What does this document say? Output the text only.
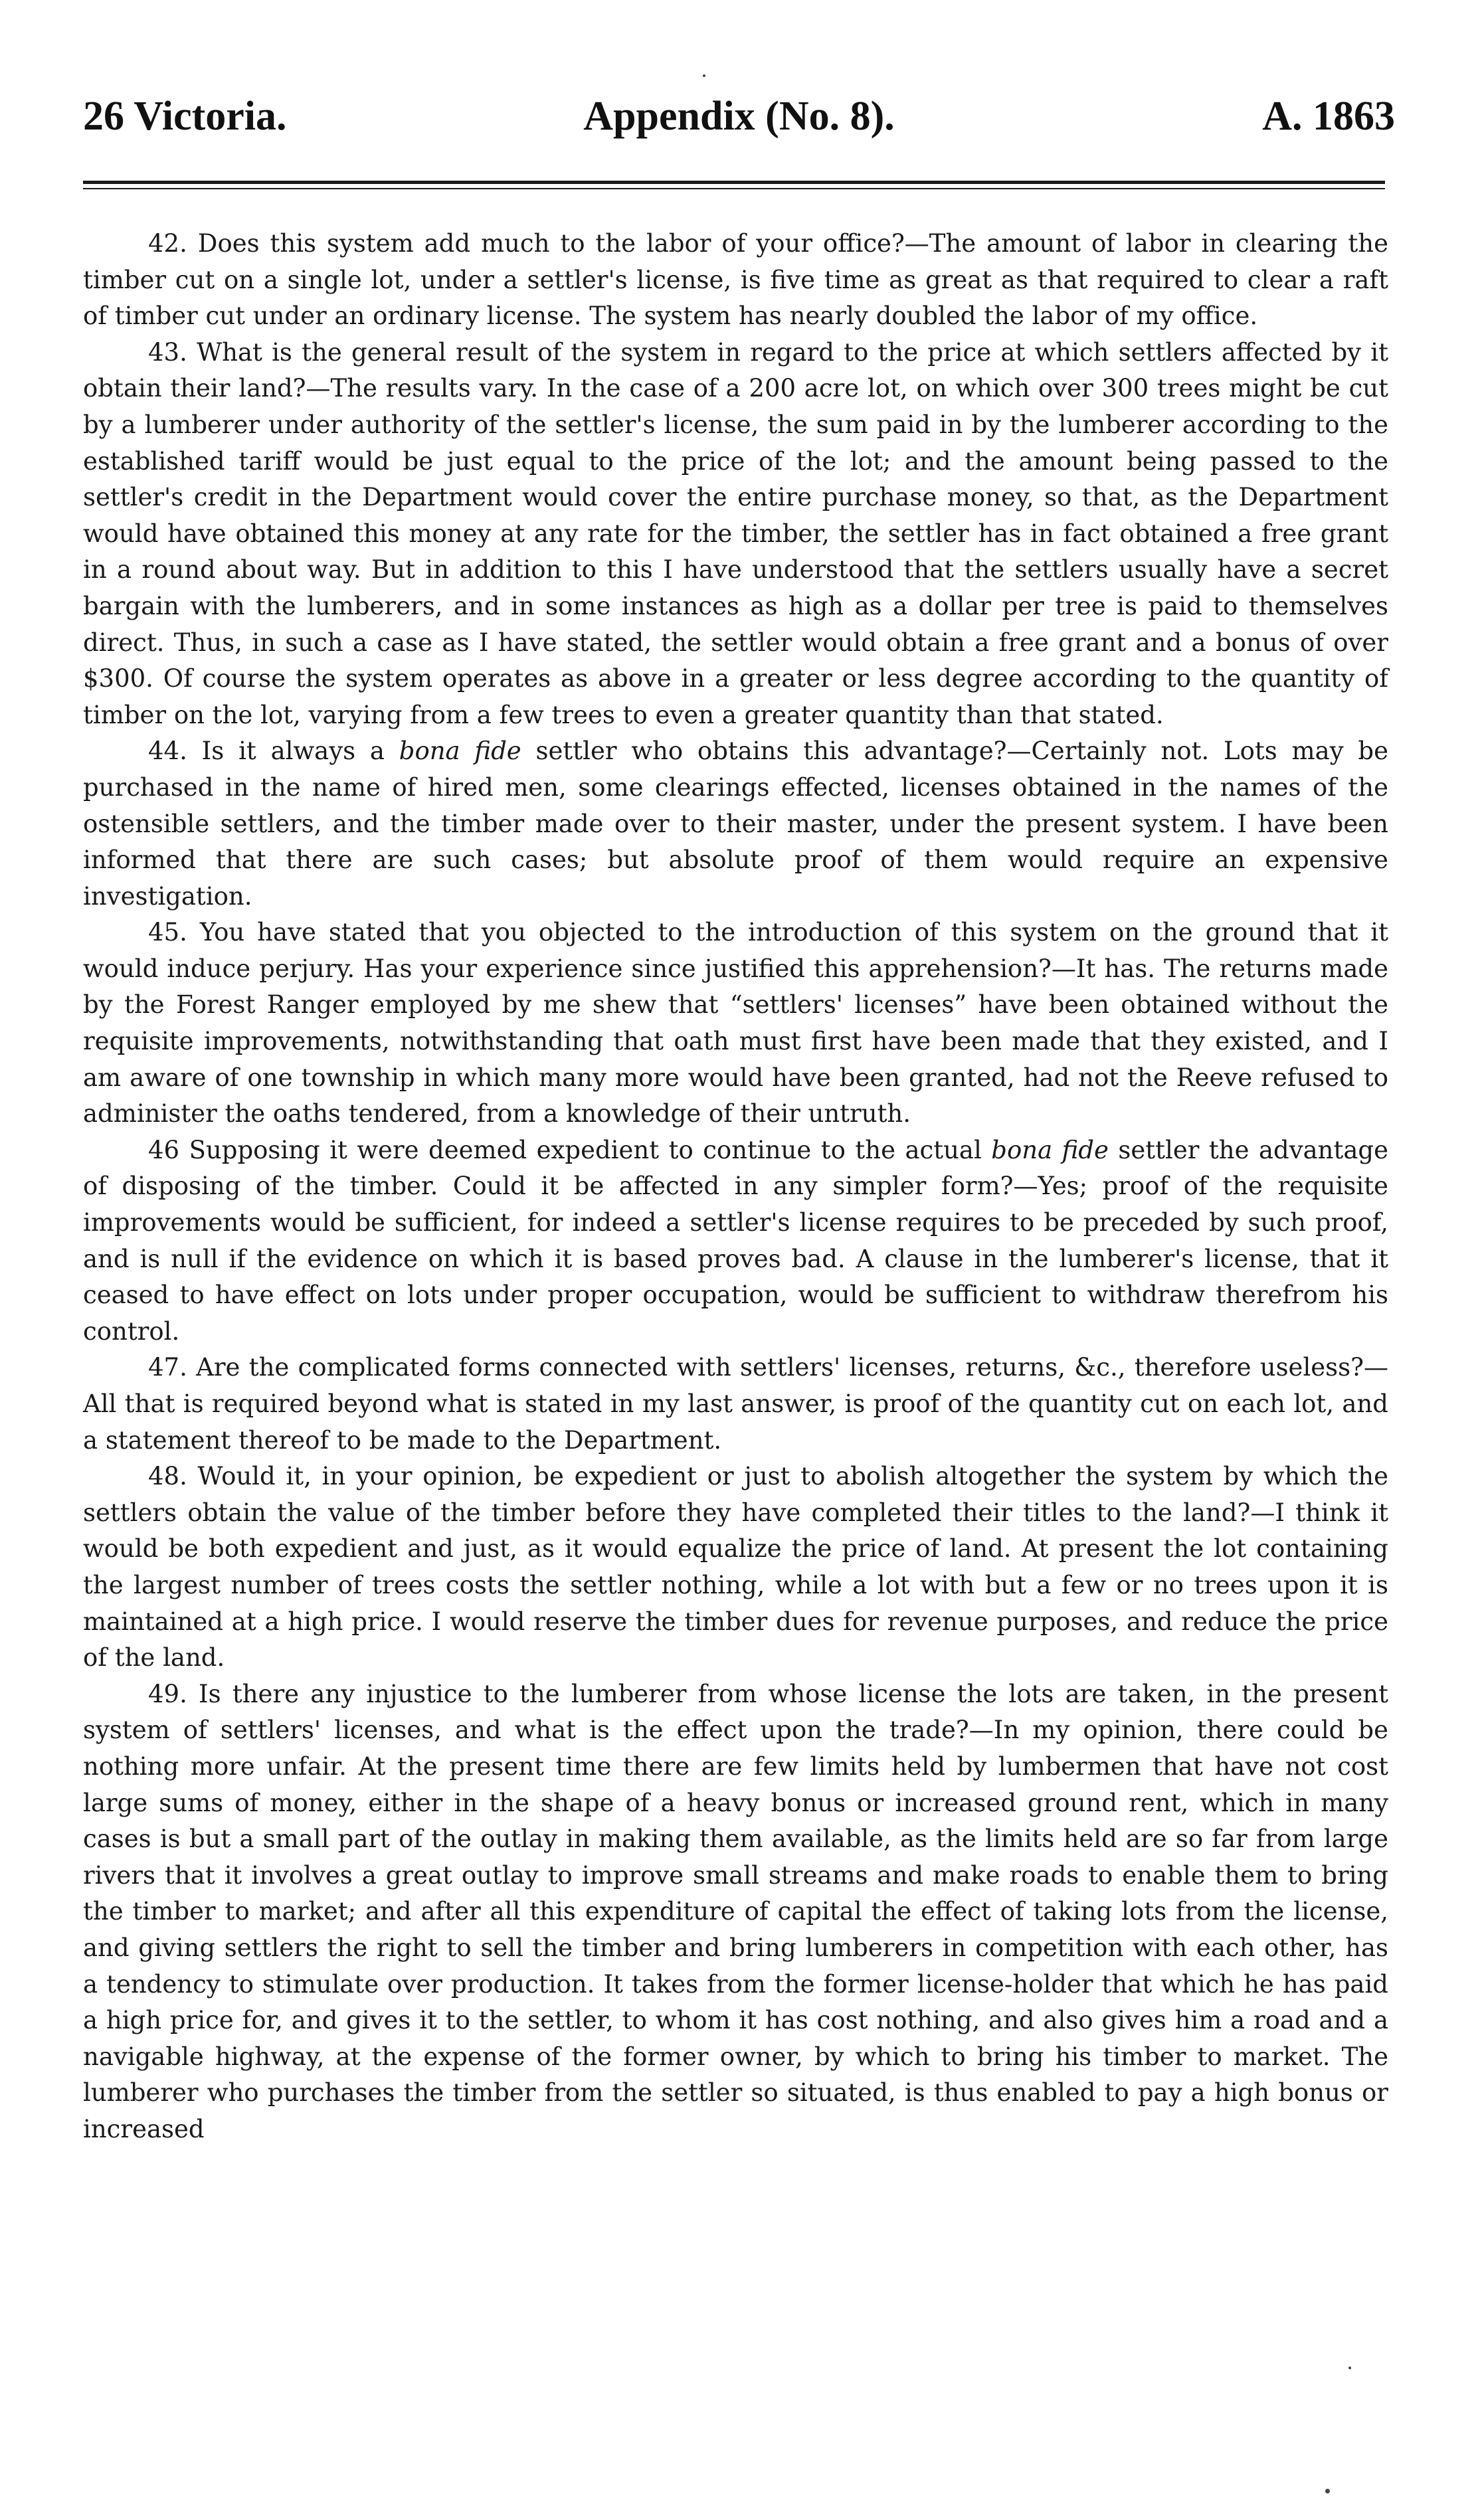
26 Victoria.	Appendix (No. 8).	A. 1863

42. Does this system add much to the labor of your office?—The amount of labor in clearing the timber cut on a single lot, under a settler's license, is five time as great as that required to clear a raft of timber cut under an ordinary license. The system has nearly doubled the labor of my office.

43. What is the general result of the system in regard to the price at which settlers affected by it obtain their land?—The results vary. In the case of a 200 acre lot, on which over 300 trees might be cut by a lumberer under authority of the settler's license, the sum paid in by the lumberer according to the established tariff would be just equal to the price of the lot; and the amount being passed to the settler's credit in the Department would cover the entire purchase money, so that, as the Department would have obtained this money at any rate for the timber, the settler has in fact obtained a free grant in a round about way. But in addition to this I have understood that the settlers usually have a secret bargain with the lumberers, and in some instances as high as a dollar per tree is paid to themselves direct. Thus, in such a case as I have stated, the settler would obtain a free grant and a bonus of over $300. Of course the system operates as above in a greater or less degree according to the quantity of timber on the lot, varying from a few trees to even a greater quantity than that stated.

44. Is it always a bona fide settler who obtains this advantage?—Certainly not. Lots may be purchased in the name of hired men, some clearings effected, licenses obtained in the names of the ostensible settlers, and the timber made over to their master, under the present system. I have been informed that there are such cases; but absolute proof of them would require an expensive investigation.

45. You have stated that you objected to the introduction of this system on the ground that it would induce perjury. Has your experience since justified this apprehension?—It has. The returns made by the Forest Ranger employed by me shew that “settlers' licenses” have been obtained without the requisite improvements, notwithstanding that oath must first have been made that they existed, and I am aware of one township in which many more would have been granted, had not the Reeve refused to administer the oaths tendered, from a knowledge of their untruth.

46 Supposing it were deemed expedient to continue to the actual bona fide settler the advantage of disposing of the timber. Could it be affected in any simpler form?—Yes; proof of the requisite improvements would be sufficient, for indeed a settler's license requires to be preceded by such proof, and is null if the evidence on which it is based proves bad. A clause in the lumberer's license, that it ceased to have effect on lots under proper occupation, would be sufficient to withdraw therefrom his control.

47. Are the complicated forms connected with settlers' licenses, returns, &c., therefore useless?—All that is required beyond what is stated in my last answer, is proof of the quantity cut on each lot, and a statement thereof to be made to the Department.

48. Would it, in your opinion, be expedient or just to abolish altogether the system by which the settlers obtain the value of the timber before they have completed their titles to the land?—I think it would be both expedient and just, as it would equalize the price of land. At present the lot containing the largest number of trees costs the settler nothing, while a lot with but a few or no trees upon it is maintained at a high price. I would reserve the timber dues for revenue purposes, and reduce the price of the land.

49. Is there any injustice to the lumberer from whose license the lots are taken, in the present system of settlers' licenses, and what is the effect upon the trade?—In my opinion, there could be nothing more unfair. At the present time there are few limits held by lumbermen that have not cost large sums of money, either in the shape of a heavy bonus or increased ground rent, which in many cases is but a small part of the outlay in making them available, as the limits held are so far from large rivers that it involves a great outlay to improve small streams and make roads to enable them to bring the timber to market; and after all this expenditure of capital the effect of taking lots from the license, and giving settlers the right to sell the timber and bring lumberers in competition with each other, has a tendency to stimulate over production. It takes from the former license-holder that which he has paid a high price for, and gives it to the settler, to whom it has cost nothing, and also gives him a road and a navigable highway, at the expense of the former owner, by which to bring his timber to market. The lumberer who purchases the timber from the settler so situated, is thus enabled to pay a high bonus or increased
